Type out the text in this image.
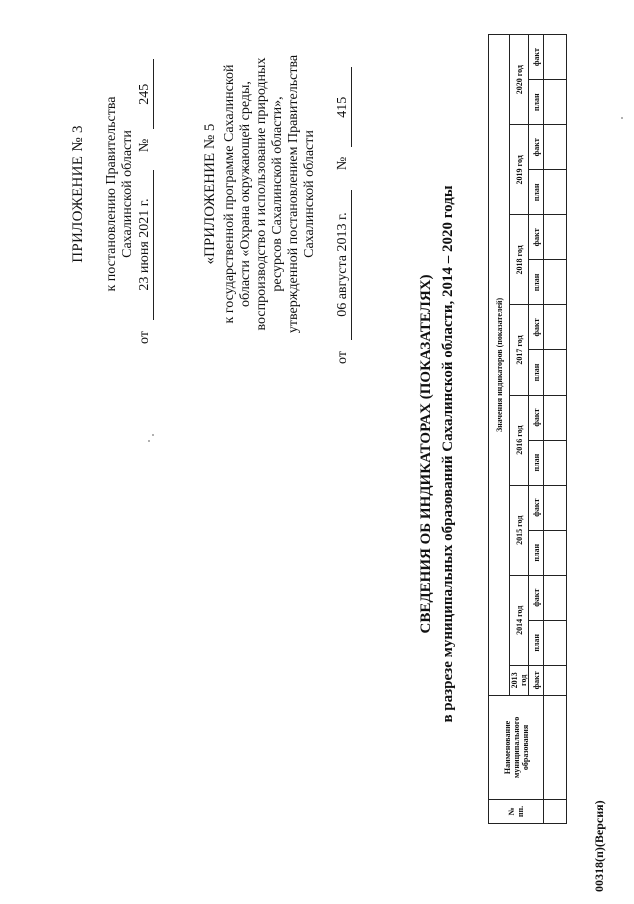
ПРИЛОЖЕНИЕ № 3 к постановлению Правительства Сахалинской области
от 23 июня 2021 г. № 245
«ПРИЛОЖЕНИЕ № 5 к государственной программе Сахалинской области «Охрана окружающей среды, воспроизводство и использование природных ресурсов Сахалинской области», утвержденной постановлением Правительства Сахалинской области
от 06 августа 2013 г. № 415
СВЕДЕНИЯ ОБ ИНДИКАТОРАХ (ПОКАЗАТЕЛЯХ) в разрезе муниципальных образований Сахалинской области, 2014 – 2020 годы
№ пп.	Наименование муниципального образования	Значения индикаторов (показателей)														
		2013 год	2014 год		2015 год		2016 год		2017 год		2018 год		2019 год		2020 год	
		факт	план	факт	план	факт	план	факт	план	факт	план	факт	план	факт	план	факт

00318(п)(Версия)
